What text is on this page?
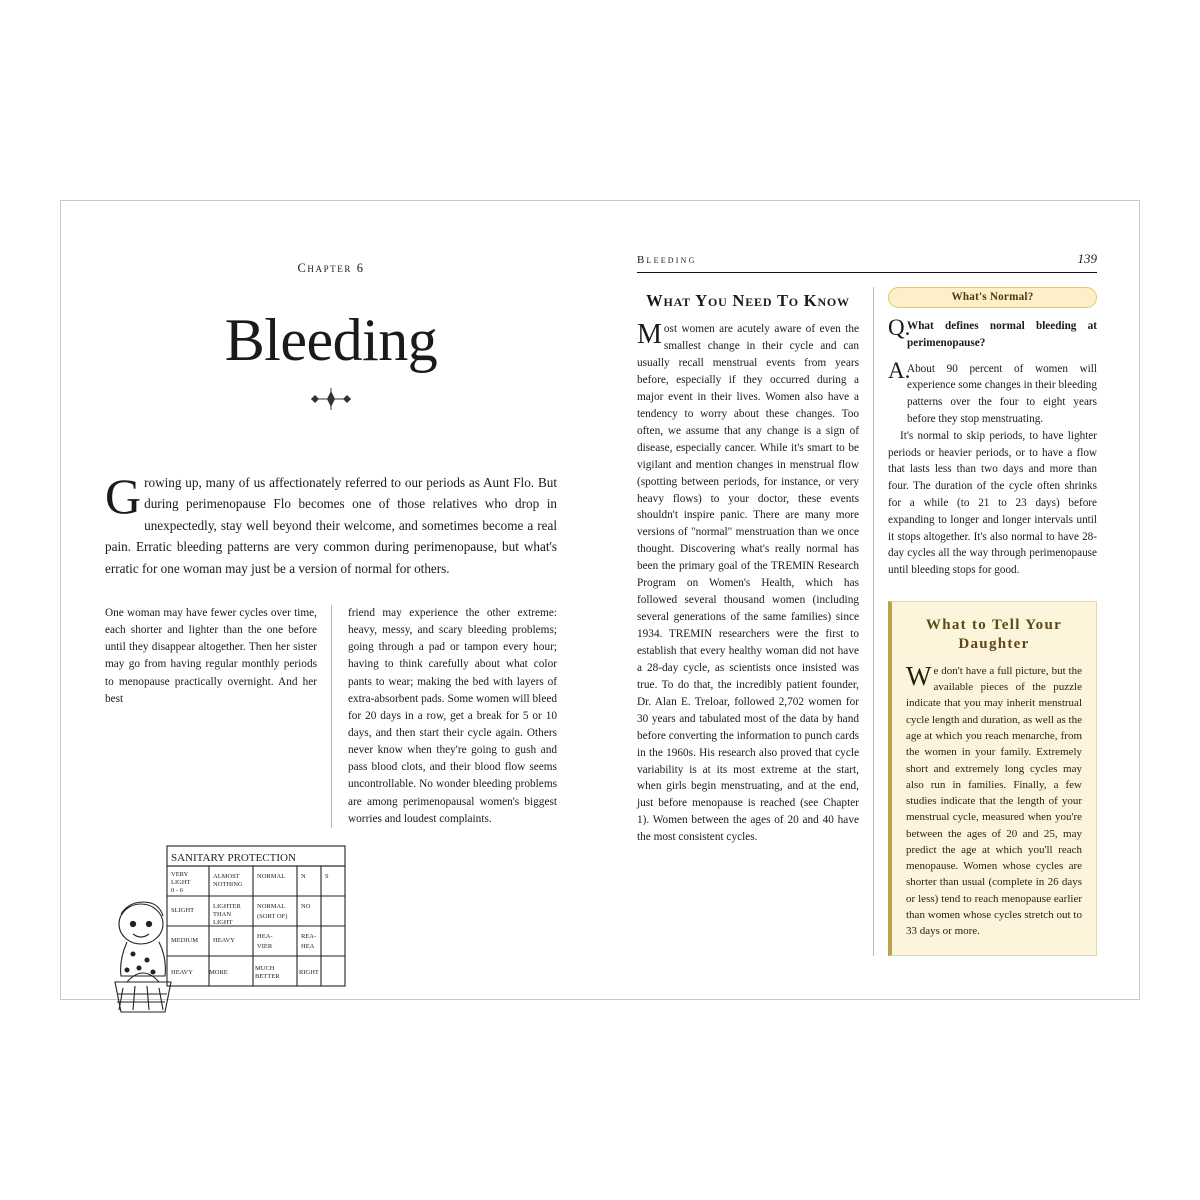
Chapter 6
Bleeding

Growing up, many of us affectionately referred to our periods as Aunt Flo. But during perimenopause Flo becomes one of those relatives who drop in unexpectedly, stay well beyond their welcome, and sometimes become a real pain. Erratic bleeding patterns are very common during perimenopause, but what's erratic for one woman may just be a version of normal for others.

One woman may have fewer cycles over time, each shorter and lighter than the one before until they disappear altogether. Then her sister may go from having regular monthly periods to menopause practically overnight. And her best
friend may experience the other extreme: heavy, messy, and scary bleeding problems; going through a pad or tampon every hour; having to think carefully about what color pants to wear; making the bed with layers of extra-absorbent pads. Some women will bleed for 20 days in a row, get a break for 5 or 10 days, and then start their cycle again. Others never know when they're going to gush and pass blood clots, and their blood flow seems uncontrollable. No wonder bleeding problems are among perimenopausal women's biggest worries and loudest complaints.
SANITARY PROTECTION
VERY
LIGHT
0 - 6
ALMOST
NOTHING
NORMAL N	S
SLIGHT
LIGHTER
THAN
LIGHT
NORMAL
(SORT OF)
NO
MEDIUM HEAVY
HEA-
VIER
REA-
HEA
HEAVY MORE
MUCH
BETTER
RIGHT
Bleeding	139
What You Need To Know
Most women are acutely aware of even the smallest change in their cycle and can usually recall menstrual events from years before, especially if they occurred during a major event in their lives. Women also have a tendency to worry about these changes. Too often, we assume that any change is a sign of disease, especially cancer. While it's smart to be vigilant and mention changes in menstrual flow (spotting between periods, for instance, or very heavy flows) to your doctor, these events shouldn't inspire panic. There are many more versions of "normal" menstruation than we once thought. Discovering what's really normal has been the primary goal of the TREMIN Research Program on Women's Health, which has followed several thousand women (including several generations of the same families) since 1934. TREMIN researchers were the first to establish that every healthy woman did not have a 28-day cycle, as scientists once insisted was true. To do that, the incredibly patient founder, Dr. Alan E. Treloar, followed 2,702 women for 30 years and tabulated most of the data by hand before converting the information to punch cards in the 1960s. His research also proved that cycle variability is at its most extreme at the start, when girls begin menstruating, and at the end, just before menopause is reached (see Chapter 1). Women between the ages of 20 and 40 have the most consistent cycles.
What's Normal?
Q.
What defines normal bleeding at perimenopause?
A.
About 90 percent of women will experience some changes in their bleeding patterns over the four to eight years before they stop menstruating.
It's normal to skip periods, to have lighter periods or heavier periods, or to have a flow that lasts less than two days and more than four. The duration of the cycle often shrinks for a while (to 21 to 23 days) before expanding to longer and longer intervals until it stops altogether. It's also normal to have 28-day cycles all the way through perimenopause until bleeding stops for good.
What to Tell Your Daughter
We don't have a full picture, but the available pieces of the puzzle indicate that you may inherit menstrual cycle length and duration, as well as the age at which you reach menarche, from the women in your family. Extremely short and extremely long cycles may also run in families. Finally, a few studies indicate that the length of your menstrual cycle, measured when you're between the ages of 20 and 25, may predict the age at which you'll reach menopause. Women whose cycles are shorter than usual (complete in 26 days or less) tend to reach menopause earlier than women whose cycles stretch out to 33 days or more.
